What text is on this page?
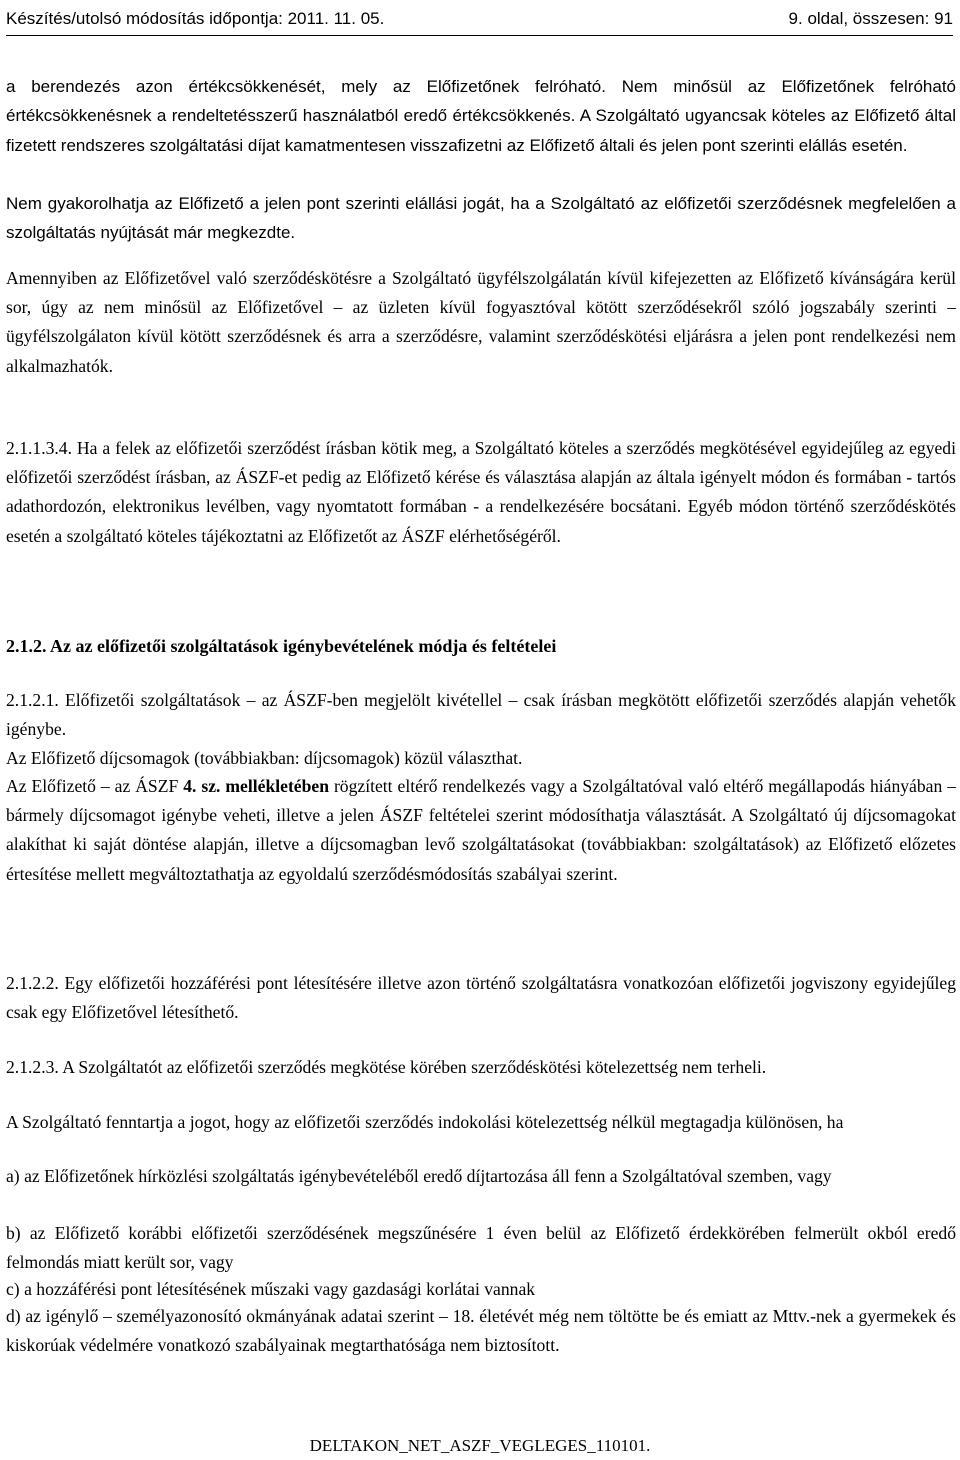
Készítés/utolsó módosítás időpontja: 2011. 11. 05.	9. oldal, összesen: 91

a berendezés azon értékcsökkenését, mely az Előfizetőnek felróható. Nem minősül az Előfizetőnek felróható értékcsökkenésnek a rendeltetésszerű használatból eredő értékcsökkenés. A Szolgáltató ugyancsak köteles az Előfizető által fizetett rendszeres szolgáltatási díjat kamatmentesen visszafizetni az Előfizető általi és jelen pont szerinti elállás esetén.

Nem gyakorolhatja az Előfizető a jelen pont szerinti elállási jogát, ha a Szolgáltató az előfizetői szerződésnek megfelelően a szolgáltatás nyújtását már megkezdte.

Amennyiben az Előfizetővel való szerződéskötésre a Szolgáltató ügyfélszolgálatán kívül kifejezetten az Előfizető kívánságára kerül sor, úgy az nem minősül az Előfizetővel – az üzleten kívül fogyasztóval kötött szerződésekről szóló jogszabály szerinti – ügyfélszolgálaton kívül kötött szerződésnek és arra a szerződésre, valamint szerződéskötési eljárásra a jelen pont rendelkezési nem alkalmazhatók.

2.1.1.3.4. Ha a felek az előfizetői szerződést írásban kötik meg, a Szolgáltató köteles a szerződés megkötésével egyidejűleg az egyedi előfizetői szerződést írásban, az ÁSZF-et pedig az Előfizető kérése és választása alapján az általa igényelt módon és formában - tartós adathordozón, elektronikus levélben, vagy nyomtatott formában - a rendelkezésére bocsátani. Egyéb módon történő szerződéskötés esetén a szolgáltató köteles tájékoztatni az Előfizetőt az ÁSZF elérhetőségéről.

2.1.2. Az az előfizetői szolgáltatások igénybevételének módja és feltételei

2.1.2.1. Előfizetői szolgáltatások – az ÁSZF-ben megjelölt kivétellel – csak írásban megkötött előfizetői szerződés alapján vehetők igénybe.

Az Előfizető díjcsomagok (továbbiakban: díjcsomagok) közül választhat.

Az Előfizető – az ÁSZF 4. sz. mellékletében rögzített eltérő rendelkezés vagy a Szolgáltatóval való eltérő megállapodás hiányában – bármely díjcsomagot igénybe veheti, illetve a jelen ÁSZF feltételei szerint módosíthatja választását. A Szolgáltató új díjcsomagokat alakíthat ki saját döntése alapján, illetve a díjcsomagban levő szolgáltatásokat (továbbiakban: szolgáltatások) az Előfizető előzetes értesítése mellett megváltoztathatja az egyoldalú szerződésmódosítás szabályai szerint.

2.1.2.2. Egy előfizetői hozzáférési pont létesítésére illetve azon történő szolgáltatásra vonatkozóan előfizetői jogviszony egyidejűleg csak egy Előfizetővel létesíthető.

2.1.2.3. A Szolgáltatót az előfizetői szerződés megkötése körében szerződéskötési kötelezettség nem terheli.

A Szolgáltató fenntartja a jogot, hogy az előfizetői szerződés indokolási kötelezettség nélkül megtagadja különösen, ha

a) az Előfizetőnek hírközlési szolgáltatás igénybevételéből eredő díjtartozása áll fenn a Szolgáltatóval szemben, vagy

b) az Előfizető korábbi előfizetői szerződésének megszűnésére 1 éven belül az Előfizető érdekkörében felmerült okból eredő felmondás miatt került sor, vagy

c) a hozzáférési pont létesítésének műszaki vagy gazdasági korlátai vannak

d) az igénylő – személyazonosító okmányának adatai szerint – 18. életévét még nem töltötte be és emiatt az Mttv.-nek a gyermekek és kiskorúak védelmére vonatkozó szabályainak megtarthatósága nem biztosított.

DELTAKON_NET_ASZF_VEGLEGES_110101.
